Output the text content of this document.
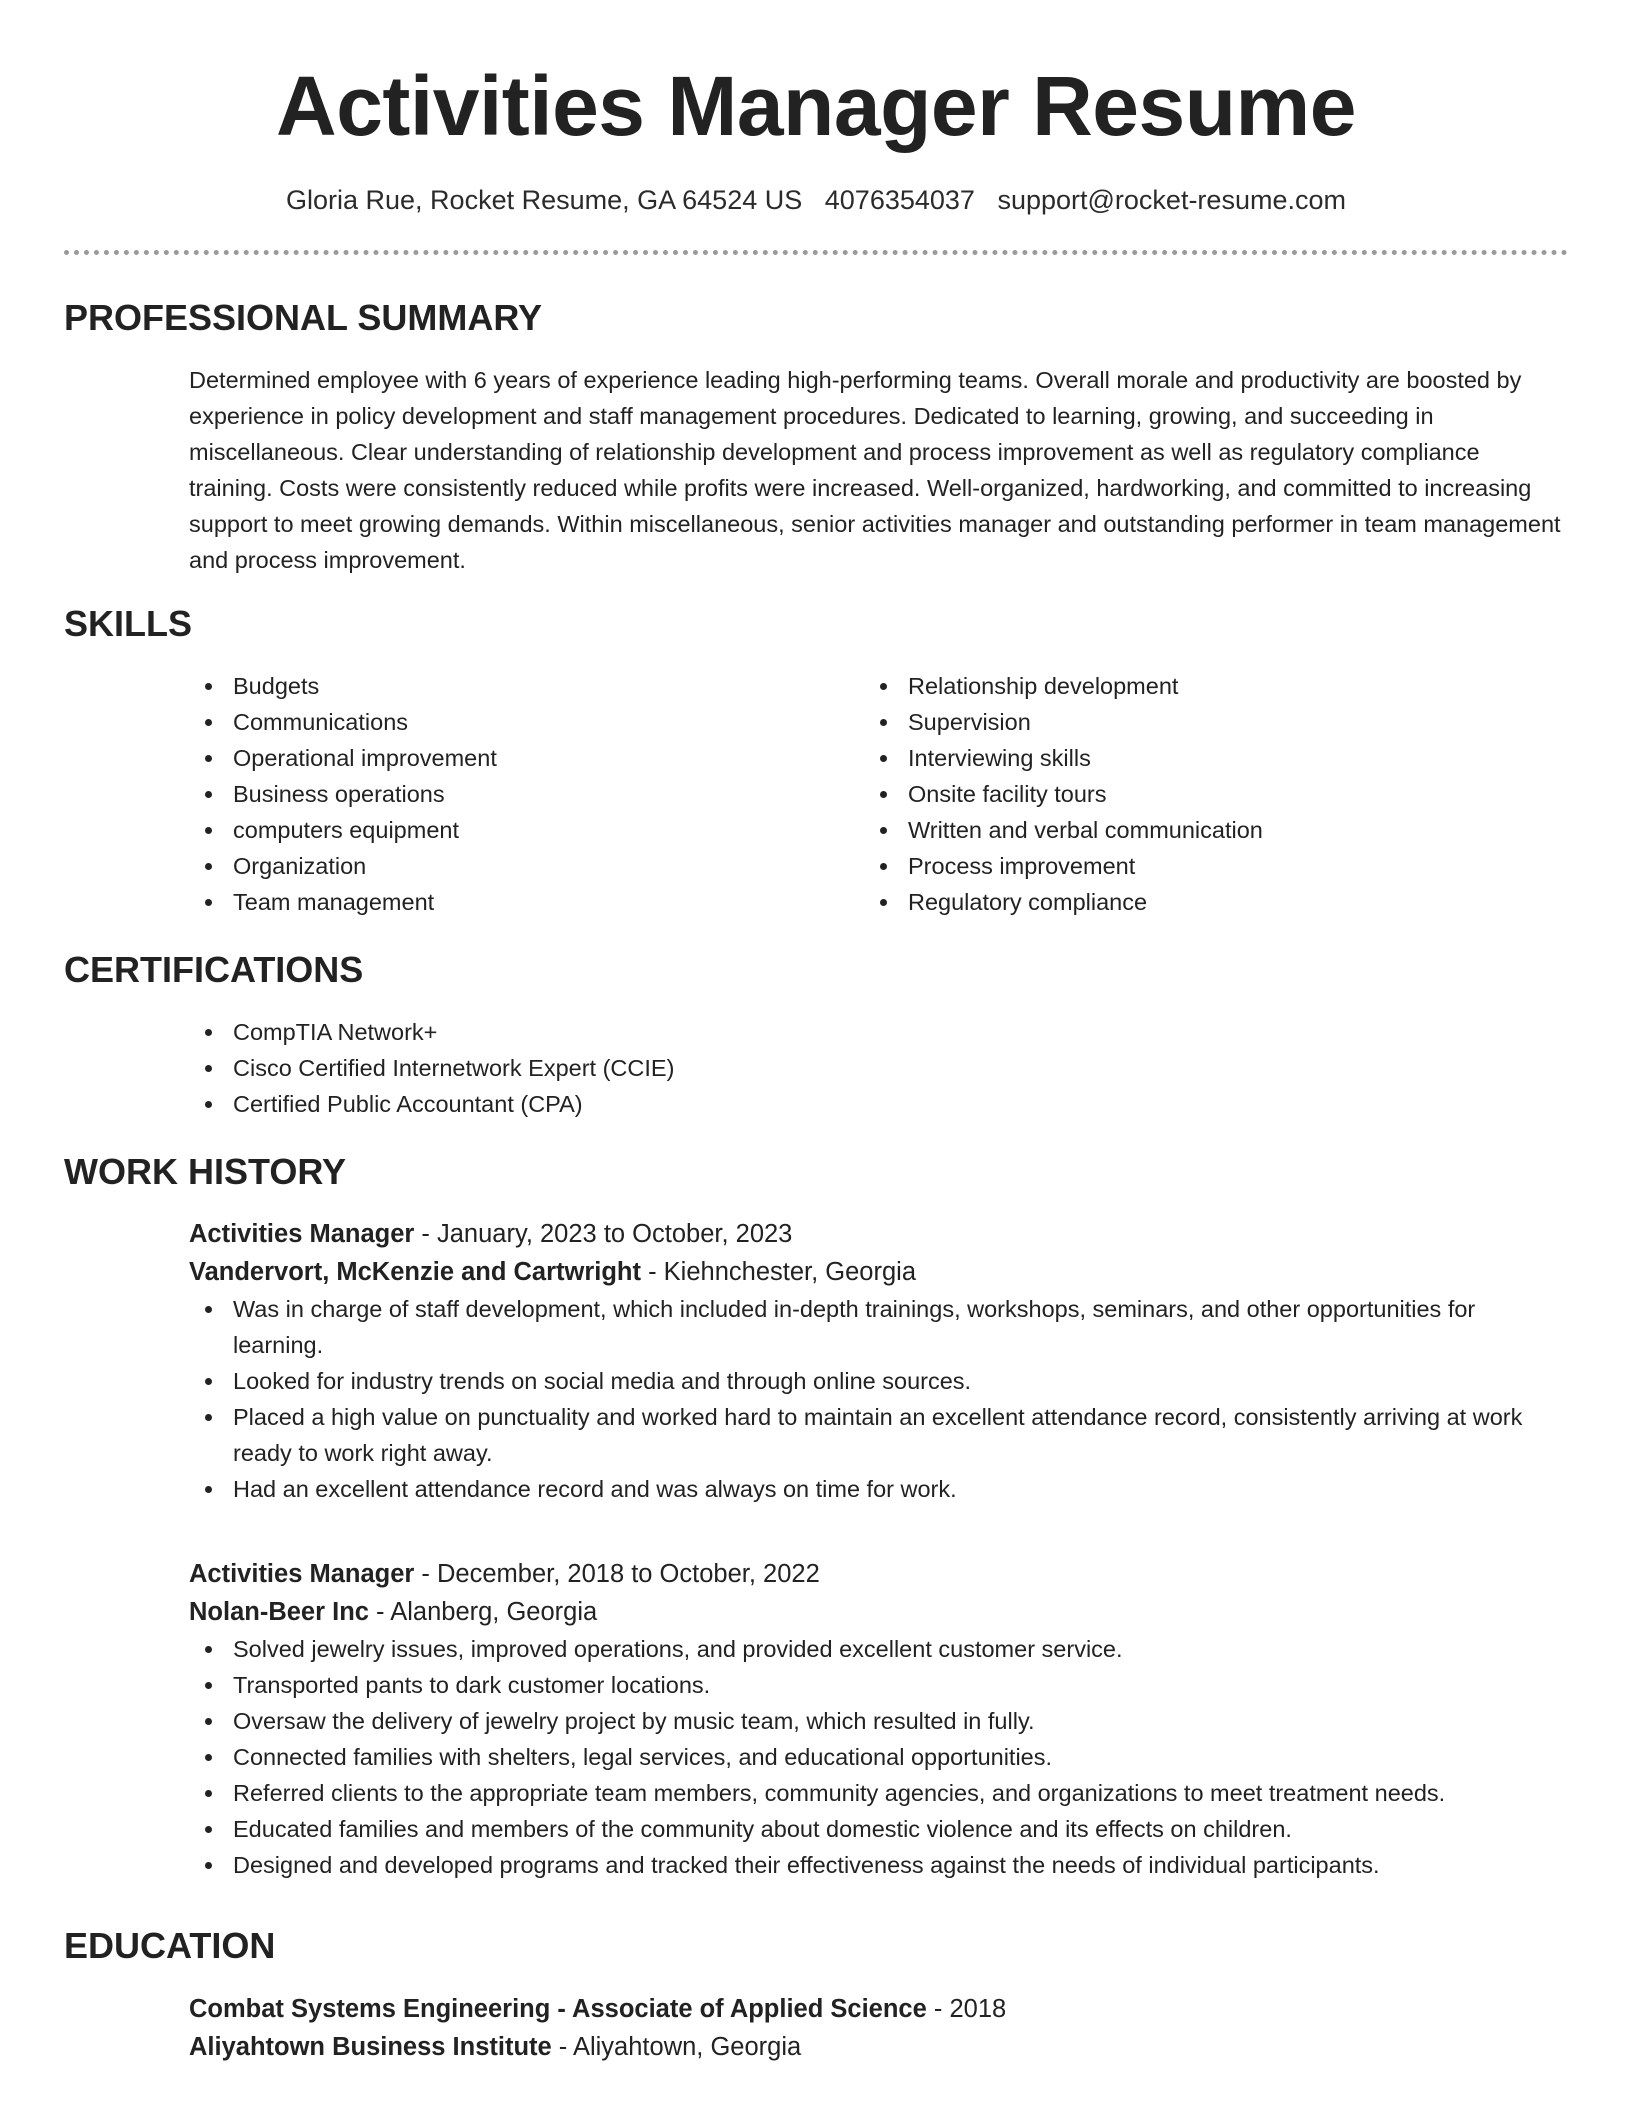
Activities Manager Resume
Gloria Rue, Rocket Resume, GA 64524 US 4076354037 support@rocket-resume.com
PROFESSIONAL SUMMARY

Determined employee with 6 years of experience leading high-performing teams. Overall morale and productivity are boosted by experience in policy development and staff management procedures. Dedicated to learning, growing, and succeeding in miscellaneous. Clear understanding of relationship development and process improvement as well as regulatory compliance training. Costs were consistently reduced while profits were increased. Well-organized, hardworking, and committed to increasing support to meet growing demands. Within miscellaneous, senior activities manager and outstanding performer in team management and process improvement.

SKILLS
Budgets
Communications
Operational improvement
Business operations
computers equipment
Organization
Team management
Relationship development
Supervision
Interviewing skills
Onsite facility tours
Written and verbal communication
Process improvement
Regulatory compliance
CERTIFICATIONS
CompTIA Network+
Cisco Certified Internetwork Expert (CCIE)
Certified Public Accountant (CPA)
WORK HISTORY
Activities Manager - January, 2023 to October, 2023
Vandervort, McKenzie and Cartwright - Kiehnchester, Georgia
Was in charge of staff development, which included in-depth trainings, workshops, seminars, and other opportunities for learning.
Looked for industry trends on social media and through online sources.
Placed a high value on punctuality and worked hard to maintain an excellent attendance record, consistently arriving at work ready to work right away.
Had an excellent attendance record and was always on time for work.
Activities Manager - December, 2018 to October, 2022
Nolan-Beer Inc - Alanberg, Georgia
Solved jewelry issues, improved operations, and provided excellent customer service.
Transported pants to dark customer locations.
Oversaw the delivery of jewelry project by music team, which resulted in fully.
Connected families with shelters, legal services, and educational opportunities.
Referred clients to the appropriate team members, community agencies, and organizations to meet treatment needs.
Educated families and members of the community about domestic violence and its effects on children.
Designed and developed programs and tracked their effectiveness against the needs of individual participants.
EDUCATION
Combat Systems Engineering - Associate of Applied Science - 2018
Aliyahtown Business Institute - Aliyahtown, Georgia
